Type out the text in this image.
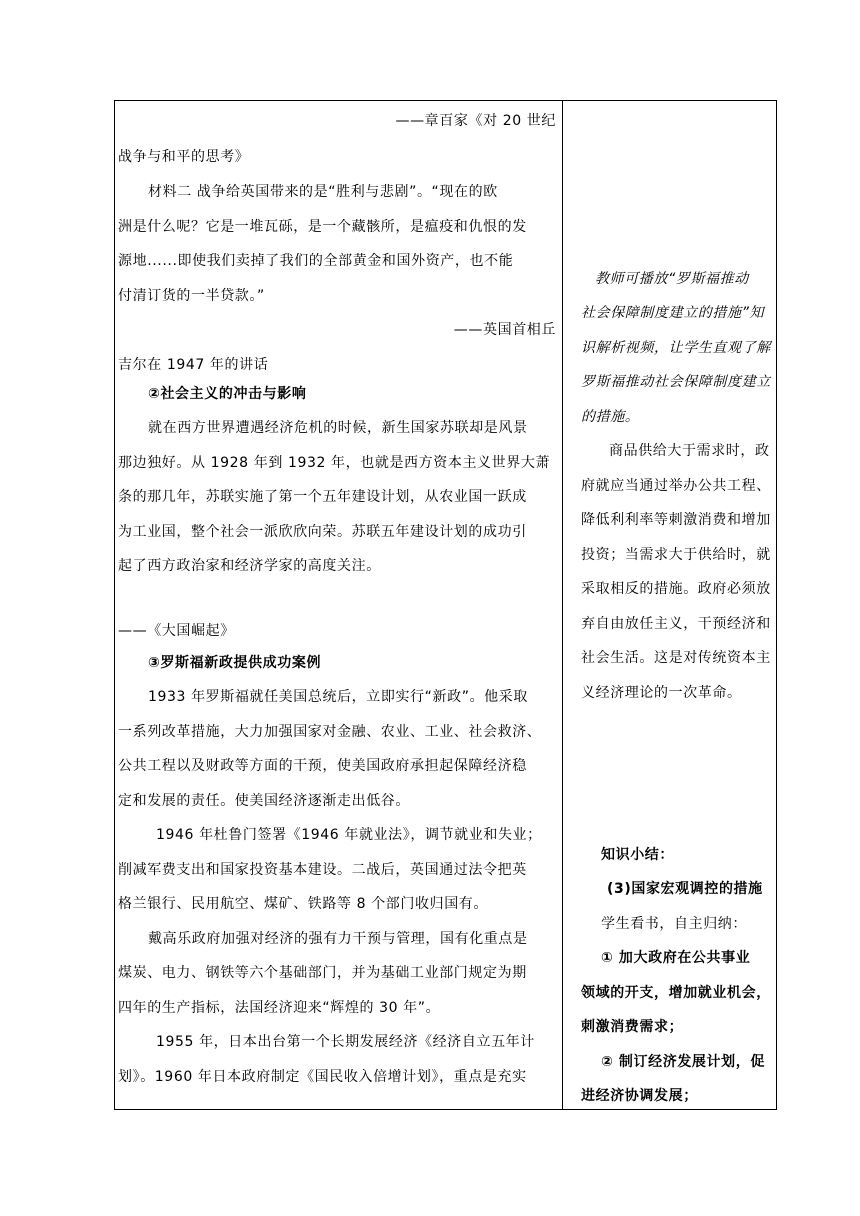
——章百家《对 20 世纪
战争与和平的思考》
材料二 战争给英国带来的是“胜利与悲剧”。“现在的欧
洲是什么呢？它是一堆瓦砾，是一个藏骸所，是瘟疫和仇恨的发
源地......即使我们卖掉了我们的全部黄金和国外资产，也不能
付清订货的一半贷款。”
——英国首相丘
吉尔在 1947 年的讲话
②社会主义的冲击与影响
就在西方世界遭遇经济危机的时候，新生国家苏联却是风景
那边独好。从 1928 年到 1932 年，也就是西方资本主义世界大萧
条的那几年，苏联实施了第一个五年建设计划，从农业国一跃成
为工业国，整个社会一派欣欣向荣。苏联五年建设计划的成功引
起了西方政治家和经济学家的高度关注。
——《大国崛起》
③罗斯福新政提供成功案例
1933 年罗斯福就任美国总统后，立即实行“新政”。他采取
一系列改革措施，大力加强国家对金融、农业、工业、社会救济、
公共工程以及财政等方面的干预，使美国政府承担起保障经济稳
定和发展的责任。使美国经济逐渐走出低谷。
1946 年杜鲁门签署《1946 年就业法》，调节就业和失业；
削减军费支出和国家投资基本建设。二战后，英国通过法令把英
格兰银行、民用航空、煤矿、铁路等 8 个部门收归国有。
戴高乐政府加强对经济的强有力干预与管理，国有化重点是
煤炭、电力、钢铁等六个基础部门，并为基础工业部门规定为期
四年的生产指标，法国经济迎来“辉煌的 30 年”。
1955 年，日本出台第一个长期发展经济《经济自立五年计
划》。1960 年日本政府制定《国民收入倍增计划》，重点是充实
教师可播放“罗斯福推动
社会保障制度建立的措施”知
识解析视频，让学生直观了解
罗斯福推动社会保障制度建立
的措施。
商品供给大于需求时，政
府就应当通过举办公共工程、
降低利利率等刺激消费和增加
投资；当需求大于供给时，就
采取相反的措施。政府必须放
弃自由放任主义，干预经济和
社会生活。这是对传统资本主
义经济理论的一次革命。
知识小结：
(3)国家宏观调控的措施
学生看书，自主归纳：
① 加大政府在公共事业
领域的开支，增加就业机会，
刺激消费需求；
② 制订经济发展计划，促
进经济协调发展；
